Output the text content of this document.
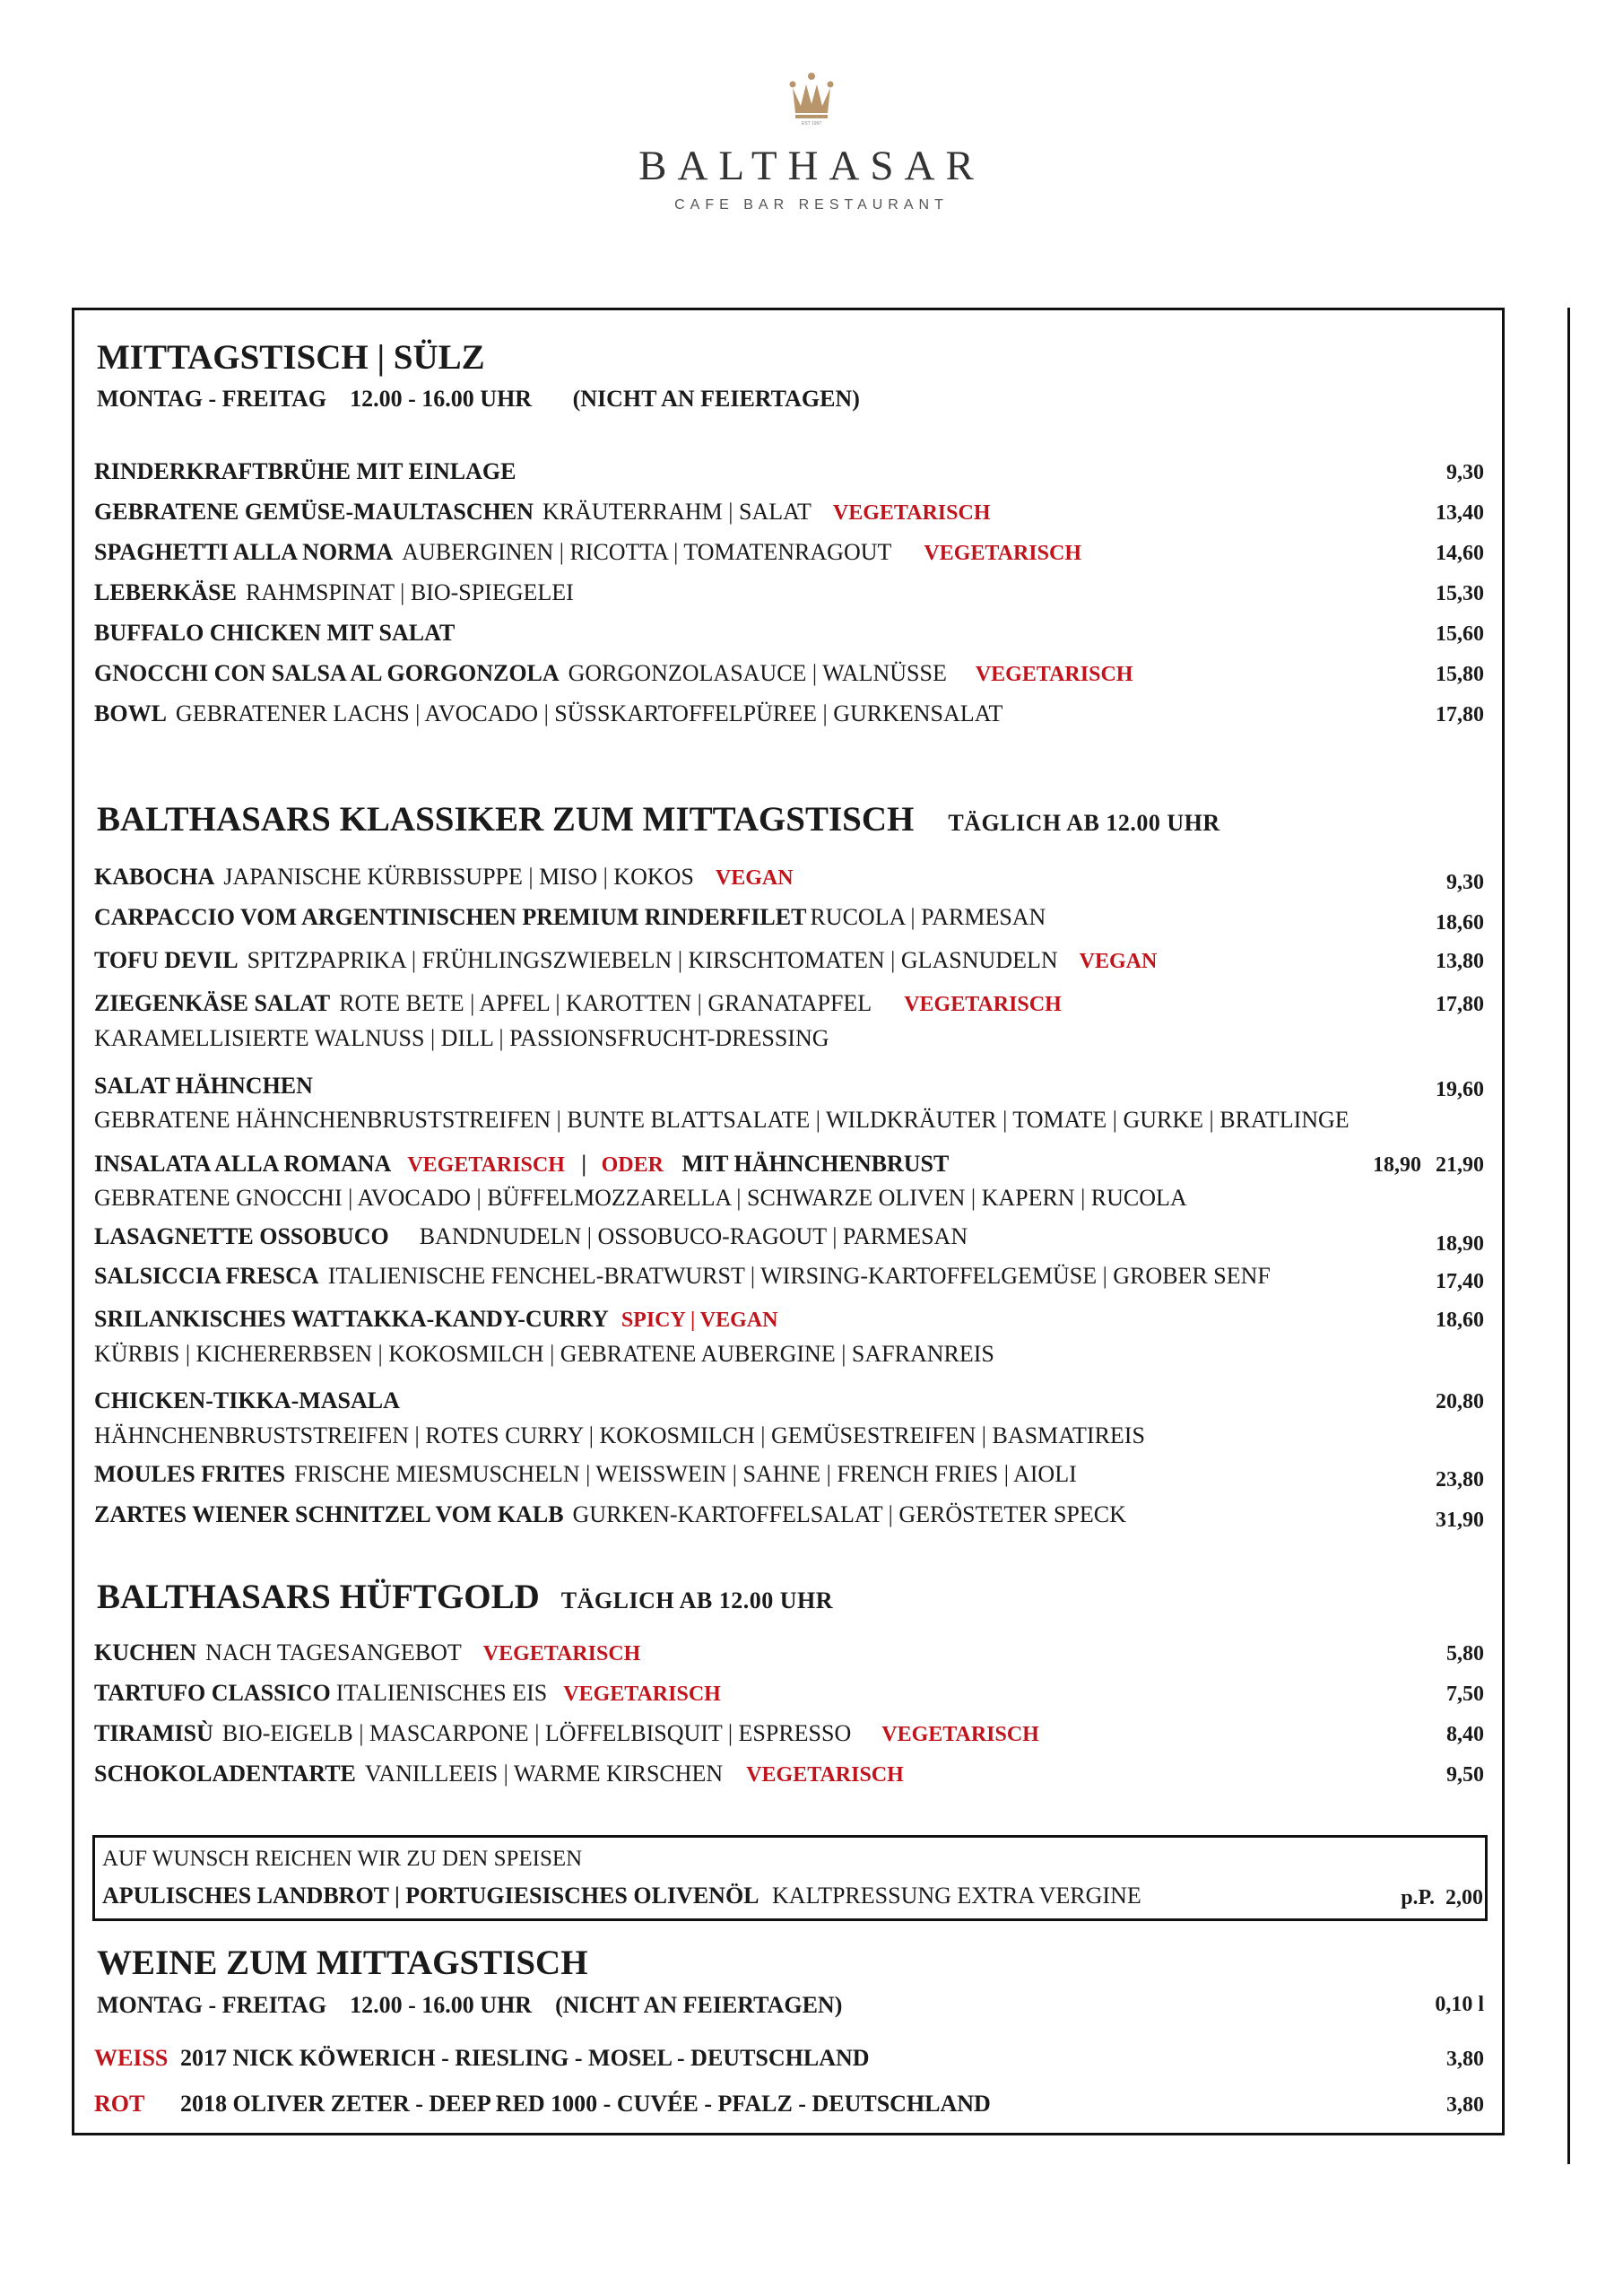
EST 1997
BALTHASAR
CAFE BAR RESTAURANT
MITTAGSTISCH | SÜLZ
MONTAG - FREITAG 12.00 - 16.00 UHR (NICHT AN FEIERTAGEN)
RINDERKRAFTBRÜHE MIT EINLAGE	9,30
GEBRATENE GEMÜSE-MAULTASCHEN KRÄUTERRAHM | SALAT VEGETARISCH	13,40
SPAGHETTI ALLA NORMA AUBERGINEN | RICOTTA | TOMATENRAGOUT VEGETARISCH	14,60
LEBERKÄSE RAHMSPINAT | BIO-SPIEGELEI	15,30
BUFFALO CHICKEN MIT SALAT	15,60
GNOCCHI CON SALSA AL GORGONZOLA GORGONZOLASAUCE | WALNÜSSE VEGETARISCH	15,80
BOWL GEBRATENER LACHS | AVOCADO | SÜSSKARTOFFELPÜREE | GURKENSALAT	17,80
BALTHASARS KLASSIKER ZUM MITTAGSTISCH TÄGLICH AB 12.00 UHR
KABOCHA JAPANISCHE KÜRBISSUPPE | MISO | KOKOS VEGAN	9,30
CARPACCIO VOM ARGENTINISCHEN PREMIUM RINDERFILET RUCOLA | PARMESAN	18,60
TOFU DEVIL SPITZPAPRIKA | FRÜHLINGSZWIEBELN | KIRSCHTOMATEN | GLASNUDELN VEGAN	13,80
ZIEGENKÄSE SALAT ROTE BETE | APFEL | KAROTTEN | GRANATAPFEL VEGETARISCH	17,80
KARAMELLISIERTE WALNUSS | DILL | PASSIONSFRUCHT-DRESSING
SALAT HÄHNCHEN	19,60
GEBRATENE HÄHNCHENBRUSTSTREIFEN | BUNTE BLATTSALATE | WILDKRÄUTER | TOMATE | GURKE | BRATLINGE
INSALATA ALLA ROMANA VEGETARISCH | ODER MIT HÄHNCHENBRUST	18,90 21,90
GEBRATENE GNOCCHI | AVOCADO | BÜFFELMOZZARELLA | SCHWARZE OLIVEN | KAPERN | RUCOLA
LASAGNETTE OSSOBUCO BANDNUDELN | OSSOBUCO-RAGOUT | PARMESAN	18,90
SALSICCIA FRESCA ITALIENISCHE FENCHEL-BRATWURST | WIRSING-KARTOFFELGEMÜSE | GROBER SENF	17,40
SRILANKISCHES WATTAKKA-KANDY-CURRY SPICY | VEGAN	18,60
KÜRBIS | KICHERERBSEN | KOKOSMILCH | GEBRATENE AUBERGINE | SAFRANREIS
CHICKEN-TIKKA-MASALA	20,80
HÄHNCHENBRUSTSTREIFEN | ROTES CURRY | KOKOSMILCH | GEMÜSESTREIFEN | BASMATIREIS
MOULES FRITES FRISCHE MIESMUSCHELN | WEISSWEIN | SAHNE | FRENCH FRIES | AIOLI	23,80
ZARTES WIENER SCHNITZEL VOM KALB GURKEN-KARTOFFELSALAT | GERÖSTETER SPECK	31,90
BALTHASARS HÜFTGOLD TÄGLICH AB 12.00 UHR
KUCHEN NACH TAGESANGEBOT VEGETARISCH	5,80
TARTUFO CLASSICO ITALIENISCHES EIS VEGETARISCH	7,50
TIRAMISÙ BIO-EIGELB | MASCARPONE | LÖFFELBISQUIT | ESPRESSO VEGETARISCH	8,40
SCHOKOLADENTARTE VANILLEEIS | WARME KIRSCHEN VEGETARISCH	9,50
AUF WUNSCH REICHEN WIR ZU DEN SPEISEN
APULISCHES LANDBROT | PORTUGIESISCHES OLIVENÖL KALTPRESSUNG EXTRA VERGINE	p.P. 2,00
WEINE ZUM MITTAGSTISCH
MONTAG - FREITAG 12.00 - 16.00 UHR (NICHT AN FEIERTAGEN)	0,10 l
WEISS 2017 NICK KÖWERICH - RIESLING - MOSEL - DEUTSCHLAND	3,80
ROT 2018 OLIVER ZETER - DEEP RED 1000 - CUVÉE - PFALZ - DEUTSCHLAND	3,80
